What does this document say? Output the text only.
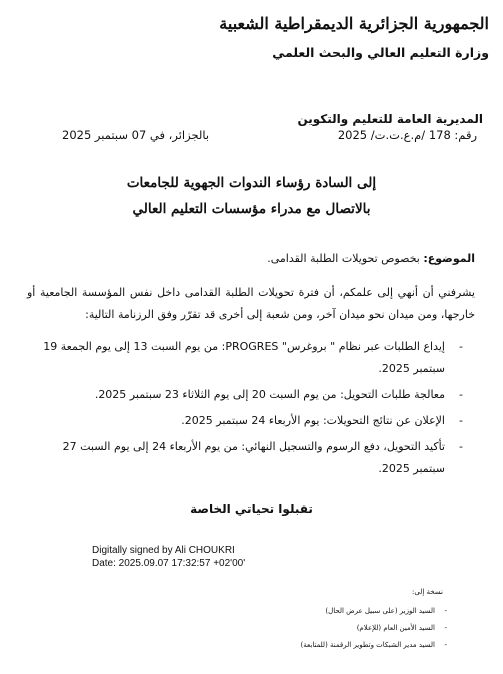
الجمهورية الجزائرية الديمقراطية الشعبية
وزارة التعليم العالي والبحث العلمي
المديرية العامة للتعليم والتكوين
رقم: 178 /م.ع.ت.ت/ 2025
بالجزائر، في 07 سبتمبر 2025
إلى السادة رؤساء الندوات الجهوية للجامعات
بالاتصال مع مدراء مؤسسات التعليم العالي
الموضوع: بخصوص تحويلات الطلبة القدامى.
يشرفني أن أنهي إلى علمكم، أن فترة تحويلات الطلبة القدامى داخل نفس المؤسسة الجامعية أو خارجها، ومن ميدان نحو ميدان آخر، ومن شعبة إلى أخرى قد تقرّر وفق الرزنامة التالية:
-
إيداع الطلبات عبر نظام " بروغرس" PROGRES: من يوم السبت 13 إلى يوم الجمعة 19 سبتمبر 2025.
-
معالجة طلبات التحويل: من يوم السبت 20 إلى يوم الثلاثاء 23 سبتمبر 2025.
-
الإعلان عن نتائج التحويلات: يوم الأربعاء 24 سبتمبر 2025.
-
تأكيد التحويل، دفع الرسوم والتسجيل النهائي: من يوم الأربعاء 24 إلى يوم السبت 27 سبتمبر 2025.
تقبلوا تحياتي الخاصة
Digitally signed by Ali CHOUKRI
Date: 2025.09.07 17:32:57 +02'00'
نسخة إلى:
-
السيد الوزير (على سبيل عرض الحال)
-
السيد الأمين العام (للإعلام)
-
السيد مدير الشبكات وتطوير الرقمنة (للمتابعة)
